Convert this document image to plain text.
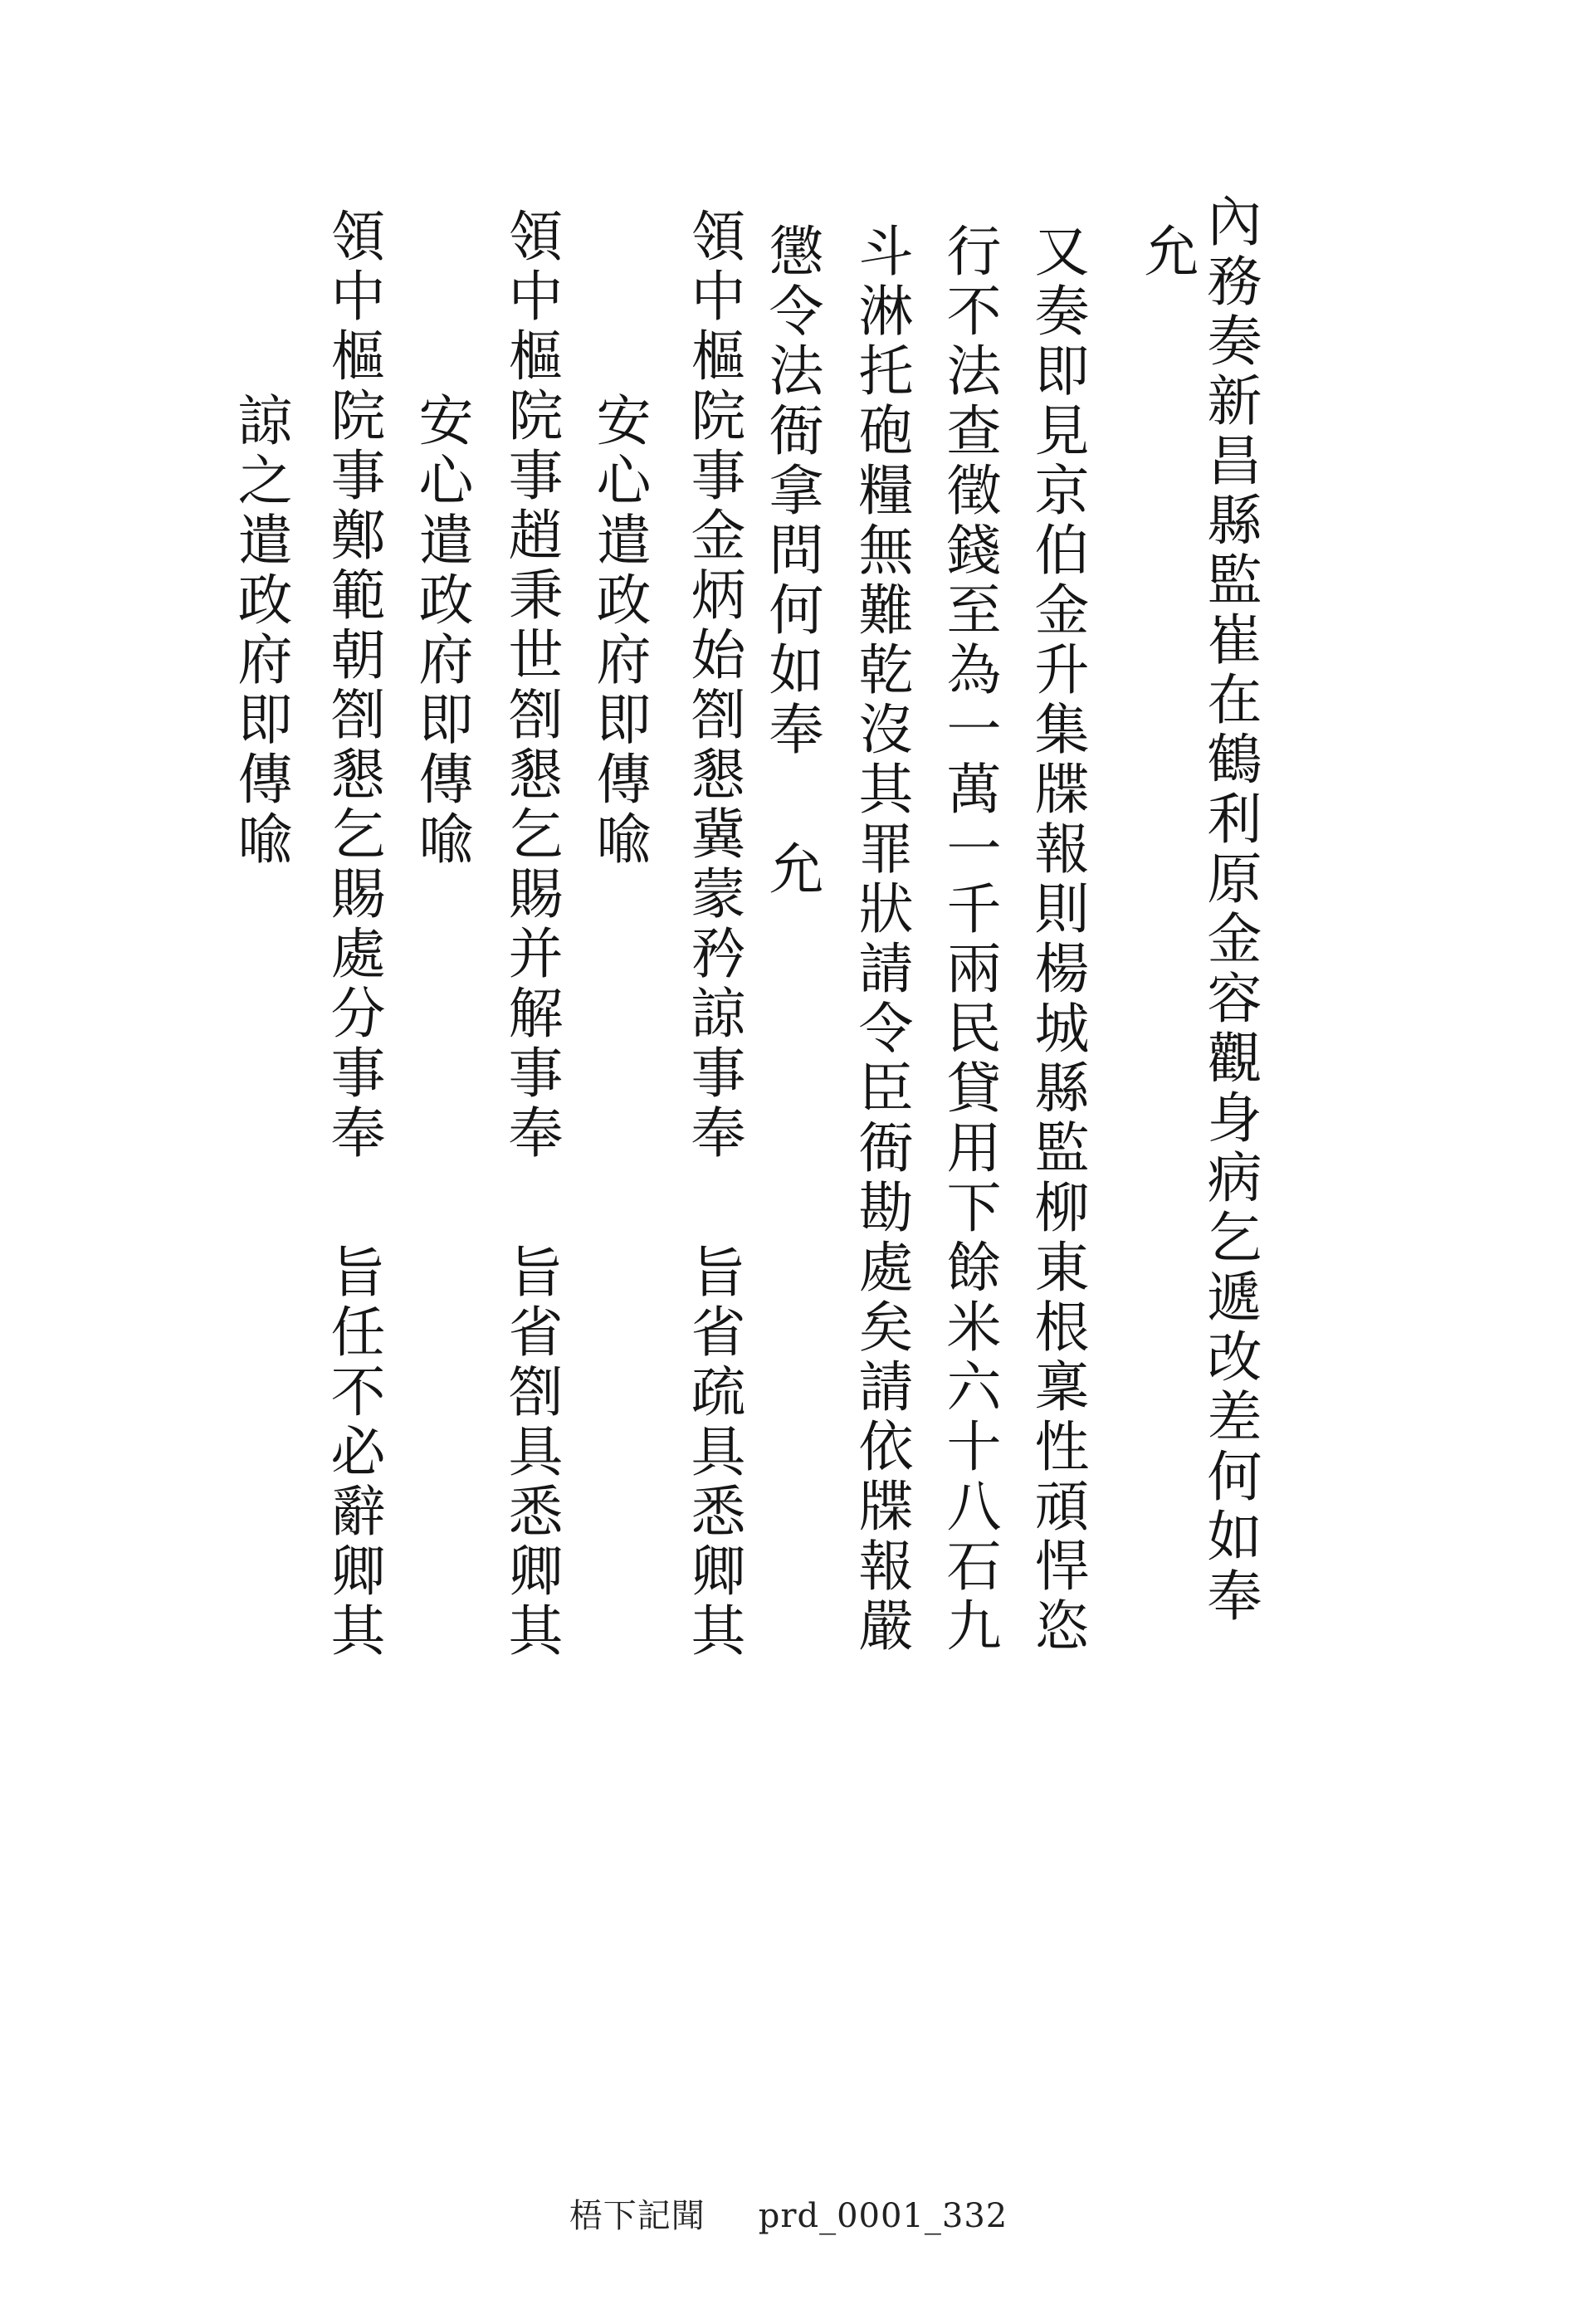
內務奏新昌縣監崔在鶴利原金容觀身病乞遞改差何如奉
允
又奏即見京伯金升集牒報則楊城縣監柳東根稟性頑悍恣
行不法查徵錢至為一萬一千兩民貸用下餘米六十八石九
斗淋托砲糧無難乾沒其罪狀請令臣衙勘處矣請依牒報嚴
懲令法衙拿問何如奉允
領中樞院事金炳始劄懇冀蒙矜諒事奉旨省疏具悉卿其
安心遣政府即傳喩
領中樞院事趙秉世劄懇乞賜并解事奉旨省劄具悉卿其
安心遣政府即傳喩
領中樞院事鄭範朝劄懇乞賜處分事奉旨任不必辭卿其
諒之遣政府即傳喩
梧下記聞 prd_0001_332
